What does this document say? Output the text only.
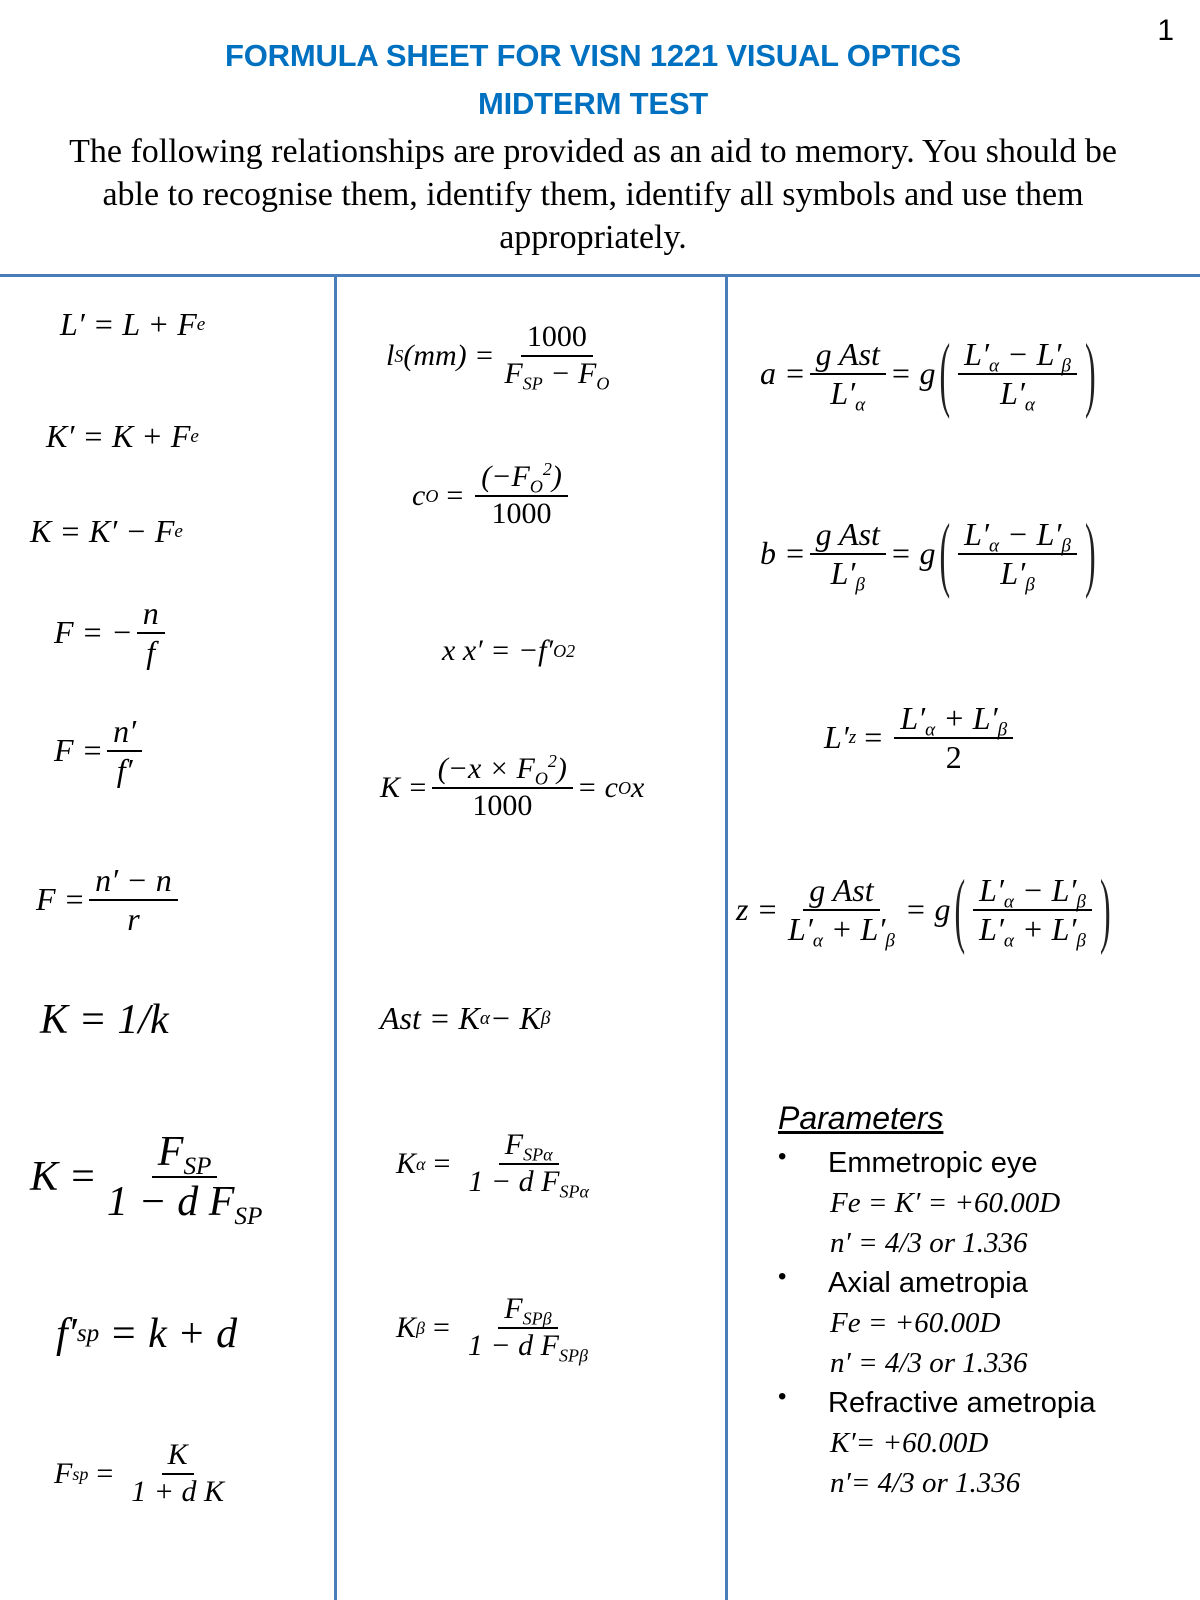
1
FORMULA SHEET FOR VISN 1221 VISUAL OPTICS
MIDTERM TEST
The following relationships are provided as an aid to memory. You should be able to recognise them, identify them, identify all symbols and use them appropriately.
L′ = L + F e
K′ = K + F e
K = K′ − F e
F = − $\frac{n}{f}$
$F = \frac{n'}{f'}$
$F = \frac{n' - n}{r}$
K = 1/k
$K = \frac{F_{SP}}{1 - d F_{SP}}$
f′ sp = k + d
F sp = $\frac{K}{\text{1 + d K}}$
l S $(mm) = \frac{1000}{F_{SP} - F_O}$
c $O = \frac{(-F_O^2)}{1000}$
x x′ = −f′ O 2
$K = \frac{(-x \times F_O^2)}{1000} = c$ O x
Ast = K α − K β
K $\alpha = \frac{F_{SP\alpha}}{1 - d F_{SP\alpha}}$
K $\beta = \frac{F_{SP\beta}}{1 - d F_{SP\beta}}$
$a = \frac{\text{g Ast}}{L'_\alpha} = g$ ( $\frac{L'_\alpha - L'_\beta}{L'_\alpha}$ )
$b = \frac{\text{g Ast}}{L'_\beta} = g$ ( $\frac{L'_\alpha - L'_\beta}{L'_\beta}$ )
L′ $z = \frac{L'_\alpha + L'_\beta}{2}$
$z = \frac{\text{g Ast}}{L'_\alpha + L'_\beta} = g$ ( $\frac{L'_\alpha - L'_\beta}{L'_\alpha + L'_\beta}$ )
Parameters
• Emmetropic eye
Fe = K′ = +60.00D
n′ = 4/3 or 1.336
• Axial ametropia
Fe = +60.00D
n′ = 4/3 or 1.336
• Refractive ametropia
K′= +60.00D
n′= 4/3 or 1.336
